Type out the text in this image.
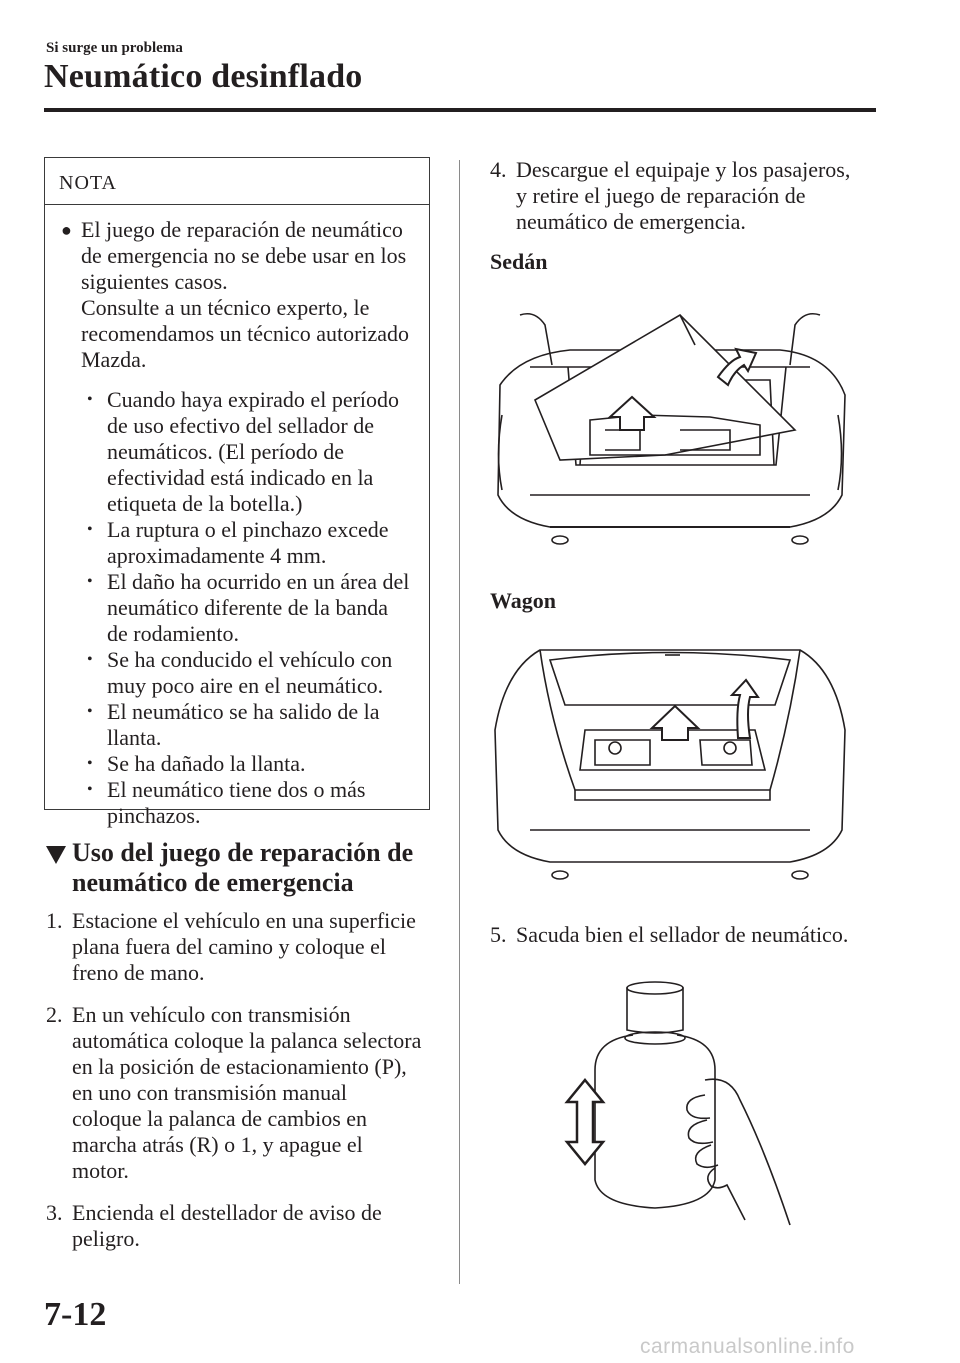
Si surge un problema
Neumático desinflado
NOTA
● El juego de reparación de neumático
de emergencia no se debe usar en los
siguientes casos.
Consulte a un técnico experto, le
recomendamos un técnico autorizado
Mazda.
• Cuando haya expirado el período
de uso efectivo del sellador de
neumáticos. (El período de
efectividad está indicado en la
etiqueta de la botella.)
• La ruptura o el pinchazo excede
aproximadamente 4 mm.
• El daño ha ocurrido en un área del
neumático diferente de la banda
de rodamiento.
• Se ha conducido el vehículo con
muy poco aire en el neumático.
• El neumático se ha salido de la
llanta.
• Se ha dañado la llanta.
• El neumático tiene dos o más
pinchazos.
Uso del juego de reparación de
neumático de emergencia
1. Estacione el vehículo en una superficie
plana fuera del camino y coloque el
freno de mano.
2. En un vehículo con transmisión
automática coloque la palanca selectora
en la posición de estacionamiento (P),
en uno con transmisión manual
coloque la palanca de cambios en
marcha atrás (R) o 1, y apague el
motor.
3. Encienda el destellador de aviso de
peligro.
4. Descargue el equipaje y los pasajeros,
y retire el juego de reparación de
neumático de emergencia.
Sedán
Wagon
5. Sacuda bien el sellador de neumático.
7-12
carmanualsonline.info
